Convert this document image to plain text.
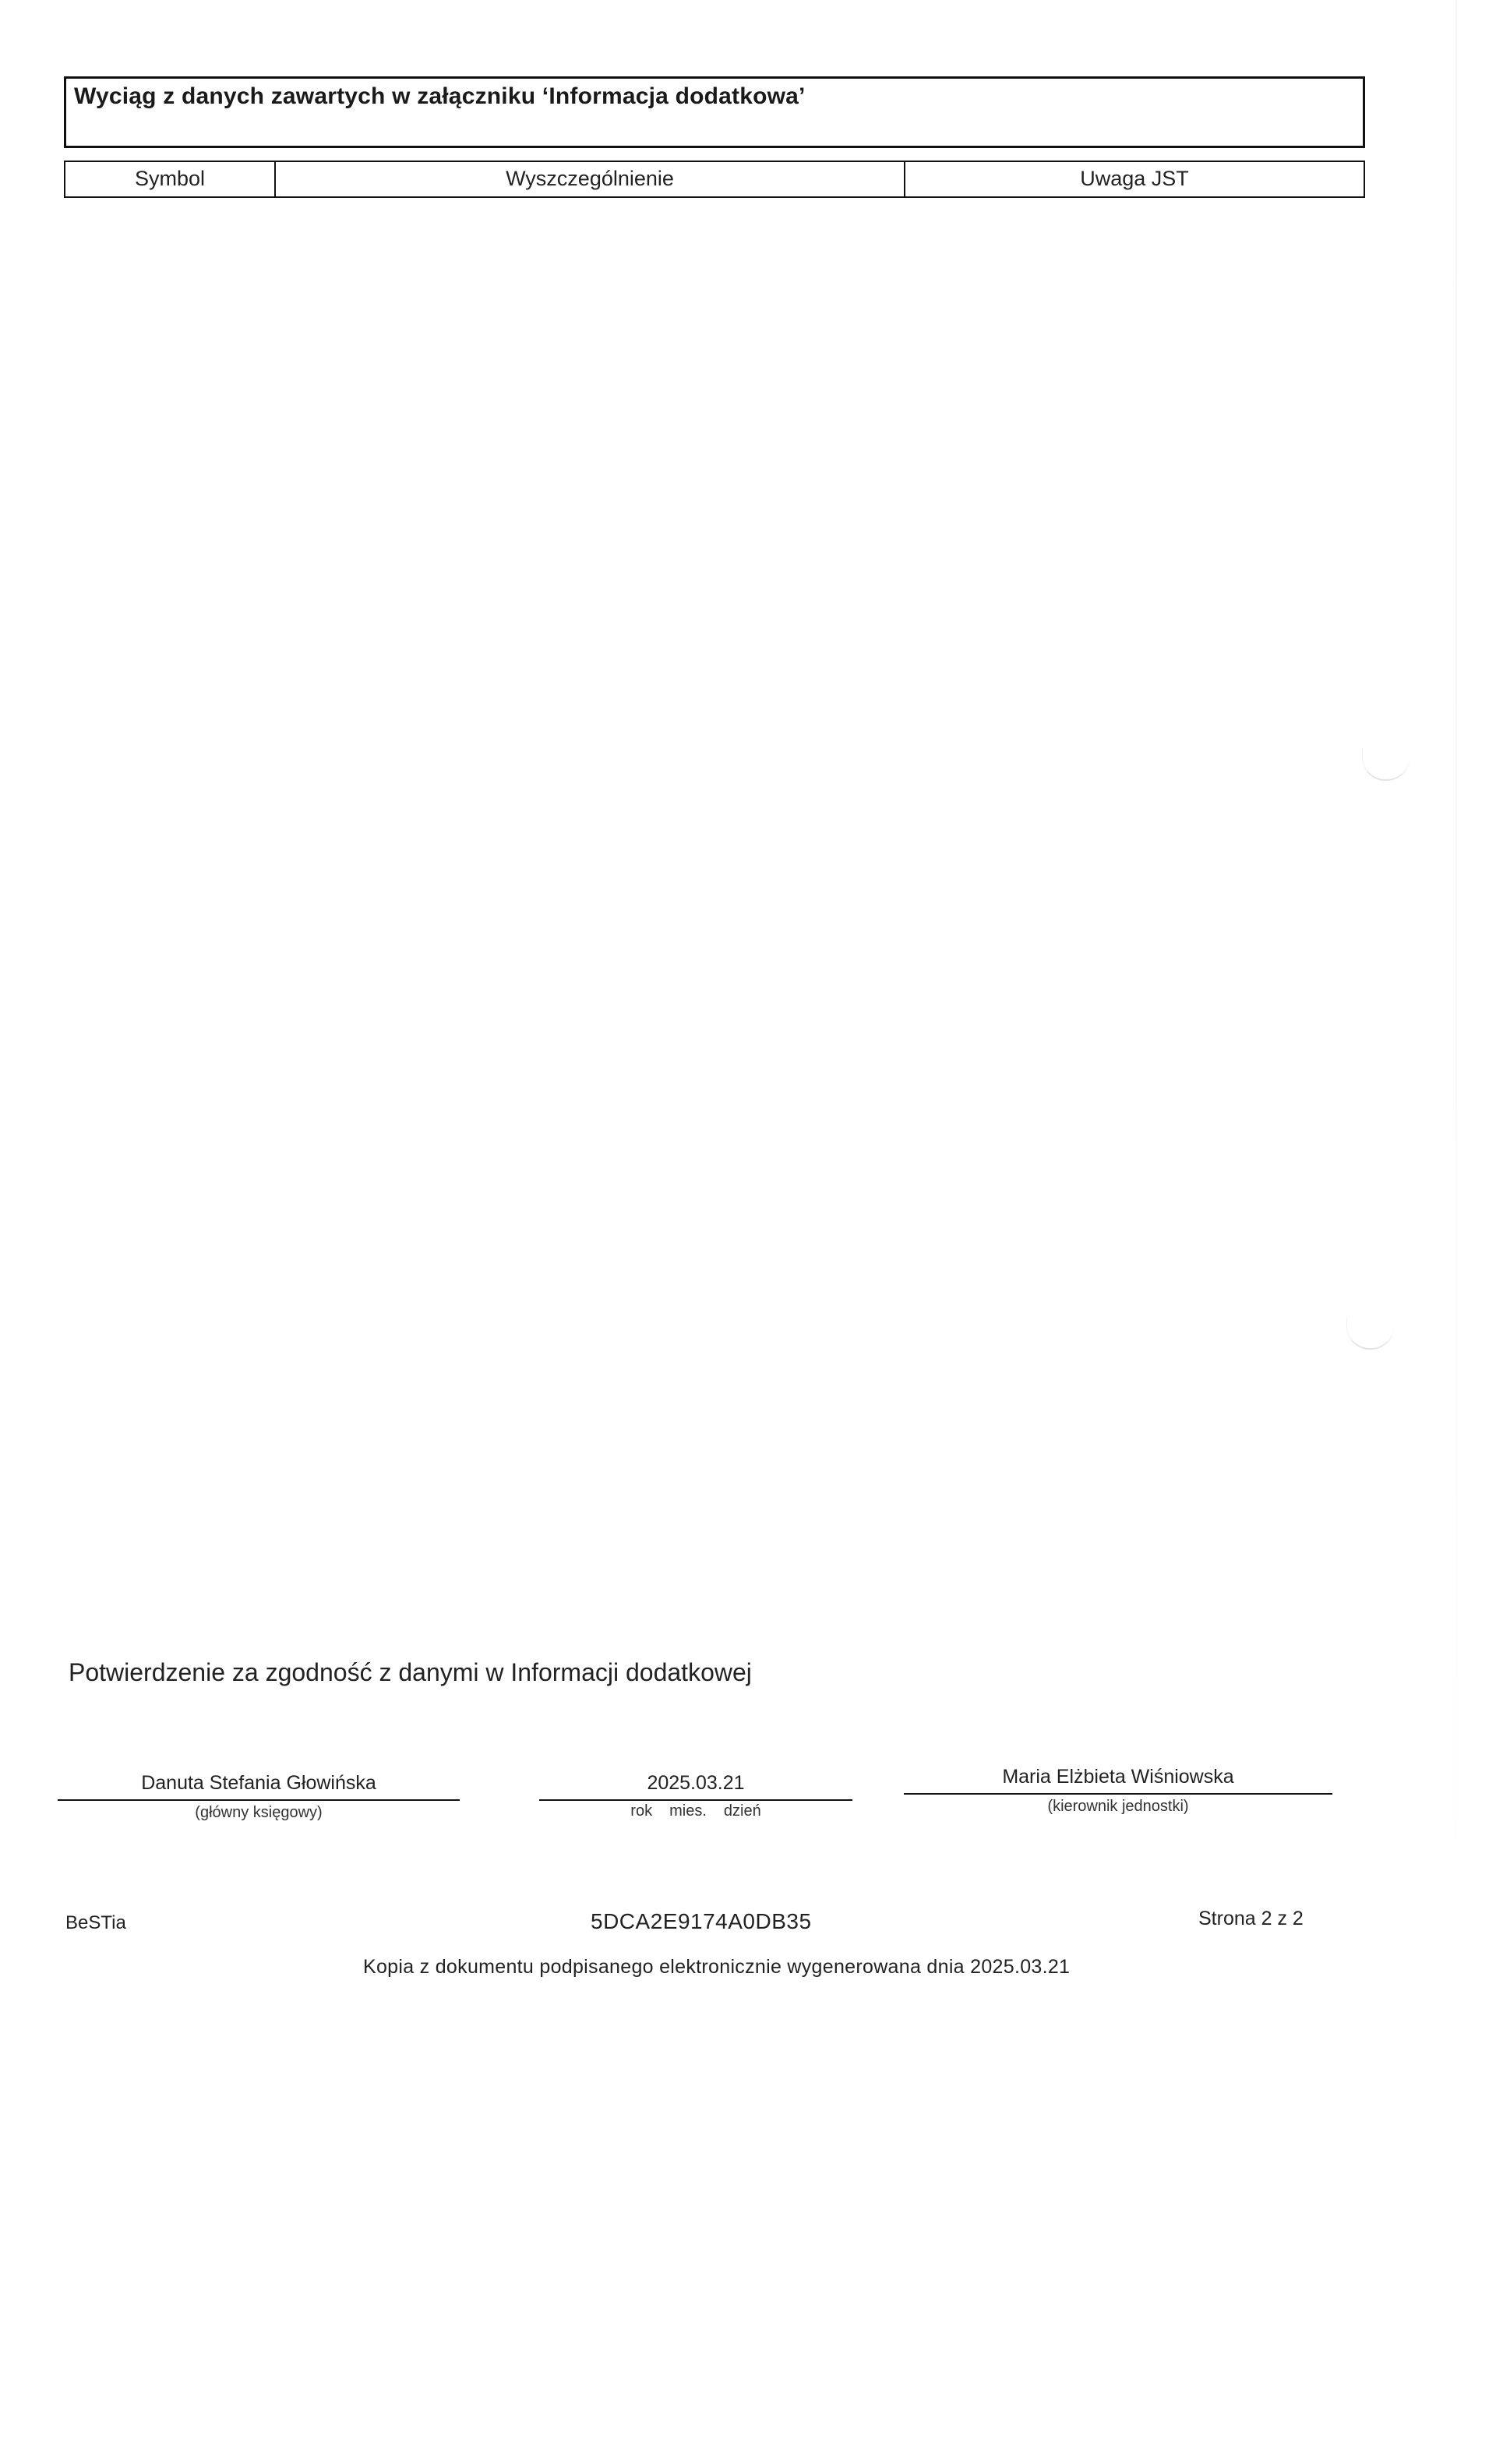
Wyciąg z danych zawartych w załączniku ‘Informacja dodatkowa’
Symbol	Wyszczególnienie	Uwaga JST
Potwierdzenie za zgodność z danymi w Informacji dodatkowej
Danuta Stefania Głowińska
(główny księgowy)
2025.03.21
rok mies. dzień
Maria Elżbieta Wiśniowska
(kierownik jednostki)
BeSTia	5DCA2E9174A0DB35	Strona 2 z 2
Kopia z dokumentu podpisanego elektronicznie wygenerowana dnia 2025.03.21
